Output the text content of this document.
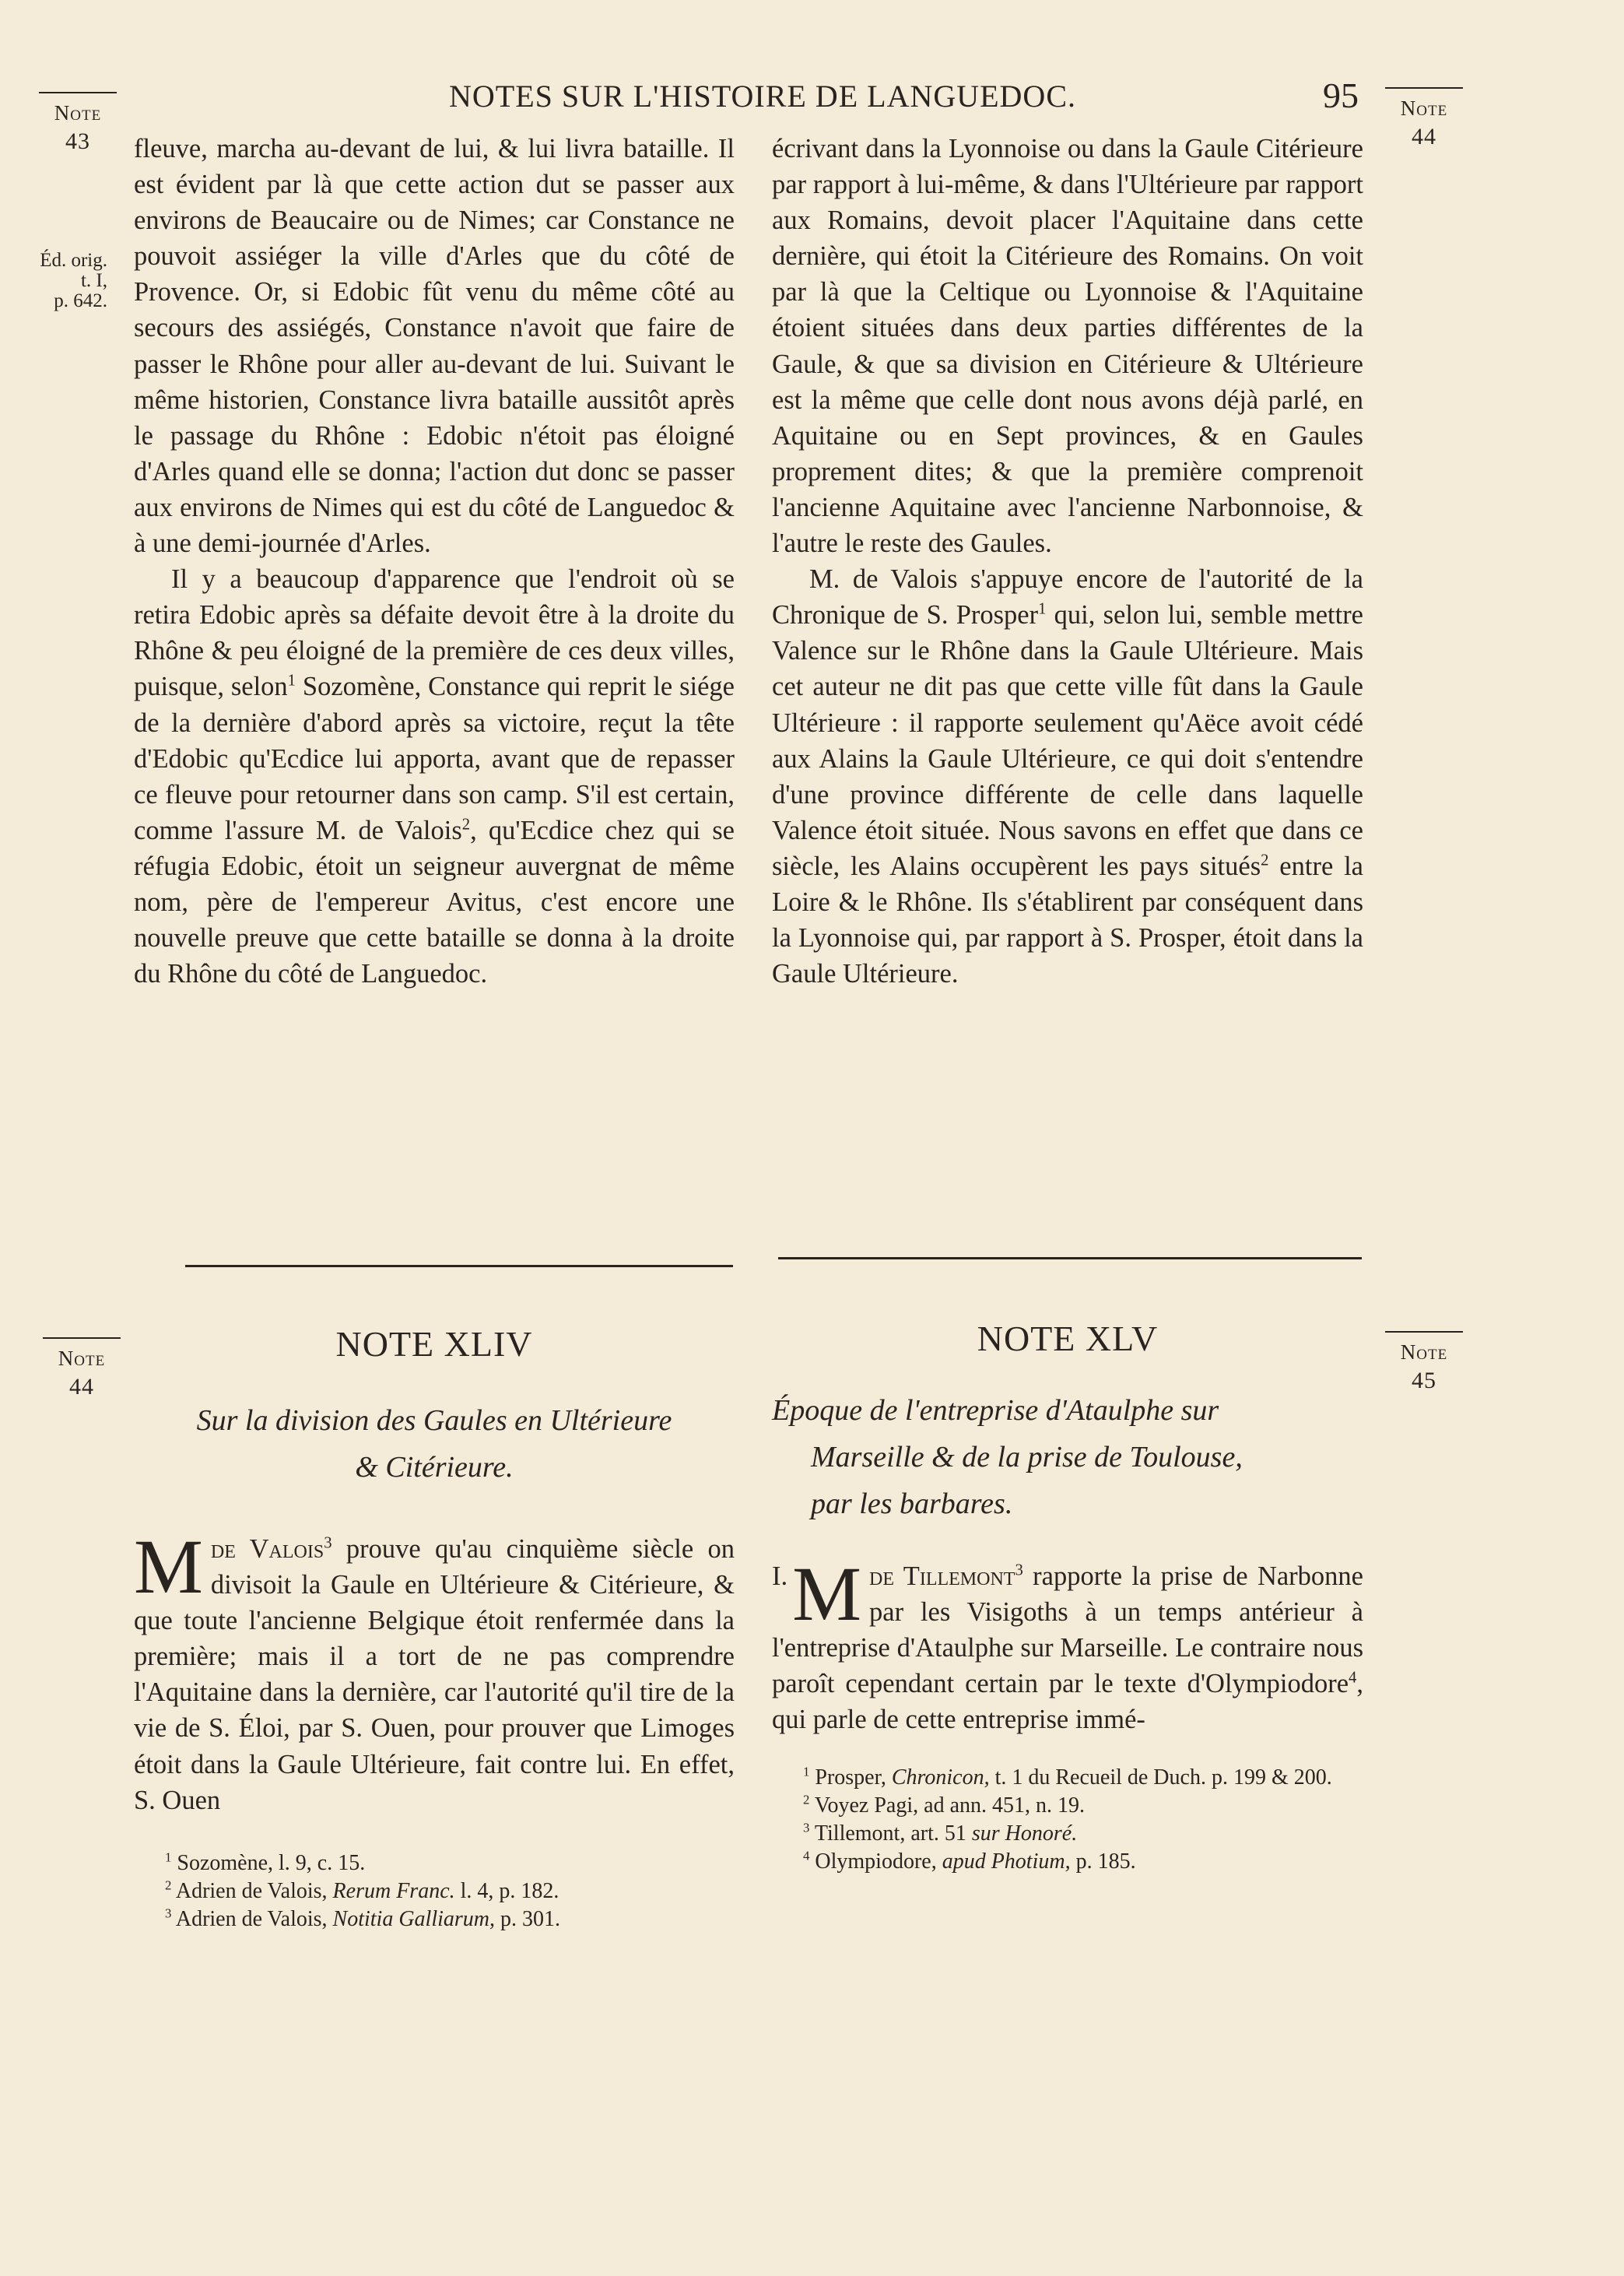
NOTES SUR L'HISTOIRE DE LANGUEDOC.	95
Note
43
Note
44
Éd. orig.
t. I,
p. 642.
Note
44
Note
45

fleuve, marcha au-devant de lui, & lui livra bataille. Il est évident par là que cette action dut se passer aux environs de Beaucaire ou de Nimes; car Constance ne pouvoit assiéger la ville d'Arles que du côté de Provence. Or, si Edobic fût venu du même côté au secours des assiégés, Constance n'avoit que faire de passer le Rhône pour aller au-devant de lui. Suivant le même historien, Constance livra bataille aussitôt après le passage du Rhône : Edobic n'étoit pas éloigné d'Arles quand elle se donna; l'action dut donc se passer aux environs de Nimes qui est du côté de Languedoc & à une demi-journée d'Arles.

Il y a beaucoup d'apparence que l'endroit où se retira Edobic après sa défaite devoit être à la droite du Rhône & peu éloigné de la première de ces deux villes, puisque, selon$^1$ Sozomène, Constance qui reprit le siége de la dernière d'abord après sa victoire, reçut la tête d'Edobic qu'Ecdice lui apporta, avant que de repasser ce fleuve pour retourner dans son camp. S'il est certain, comme l'assure M. de Valois$^2$, qu'Ecdice chez qui se réfugia Edobic, étoit un seigneur auvergnat de même nom, père de l'empereur Avitus, c'est encore une nouvelle preuve que cette bataille se donna à la droite du Rhône du côté de Languedoc.

écrivant dans la Lyonnoise ou dans la Gaule Citérieure par rapport à lui-même, & dans l'Ultérieure par rapport aux Romains, devoit placer l'Aquitaine dans cette dernière, qui étoit la Citérieure des Romains. On voit par là que la Celtique ou Lyonnoise & l'Aquitaine étoient situées dans deux parties différentes de la Gaule, & que sa division en Citérieure & Ultérieure est la même que celle dont nous avons déjà parlé, en Aquitaine ou en Sept provinces, & en Gaules proprement dites; & que la première comprenoit l'ancienne Aquitaine avec l'ancienne Narbonnoise, & l'autre le reste des Gaules.

M. de Valois s'appuye encore de l'autorité de la Chronique de S. Prosper$^1$ qui, selon lui, semble mettre Valence sur le Rhône dans la Gaule Ultérieure. Mais cet auteur ne dit pas que cette ville fût dans la Gaule Ultérieure : il rapporte seulement qu'Aëce avoit cédé aux Alains la Gaule Ultérieure, ce qui doit s'entendre d'une province différente de celle dans laquelle Valence étoit située. Nous savons en effet que dans ce siècle, les Alains occupèrent les pays situés$^2$ entre la Loire & le Rhône. Ils s'établirent par conséquent dans la Lyonnoise qui, par rapport à S. Prosper, étoit dans la Gaule Ultérieure.

NOTE XLIV
Sur la division des Gaules en Ultérieure
& Citérieure.

Mde Valois$^3$ prouve qu'au cinquième siècle on divisoit la Gaule en Ultérieure & Citérieure, & que toute l'ancienne Belgique étoit renfermée dans la première; mais il a tort de ne pas comprendre l'Aquitaine dans la dernière, car l'autorité qu'il tire de la vie de S. Éloi, par S. Ouen, pour prouver que Limoges étoit dans la Gaule Ultérieure, fait contre lui. En effet, S. Ouen

$^1$ Sozomène, l. 9, c. 15.
$^2$ Adrien de Valois, Rerum Franc. l. 4, p. 182.
$^3$ Adrien de Valois, Notitia Galliarum, p. 301.
NOTE XLV
Époque de l'entreprise d'Ataulphe sur
Marseille & de la prise de Toulouse,
par les barbares.

I. M de Tillemont$^3$ rapporte la prise de Narbonne par les Visigoths à un temps antérieur à l'entreprise d'Ataulphe sur Marseille. Le contraire nous paroît cependant certain par le texte d'Olympiodore$^4$, qui parle de cette entreprise immé-

$^1$ Prosper, Chronicon, t. 1 du Recueil de Duch. p. 199 & 200.
$^2$ Voyez Pagi, ad ann. 451, n. 19.
$^3$ Tillemont, art. 51 sur Honoré.
$^4$ Olympiodore, apud Photium, p. 185.
